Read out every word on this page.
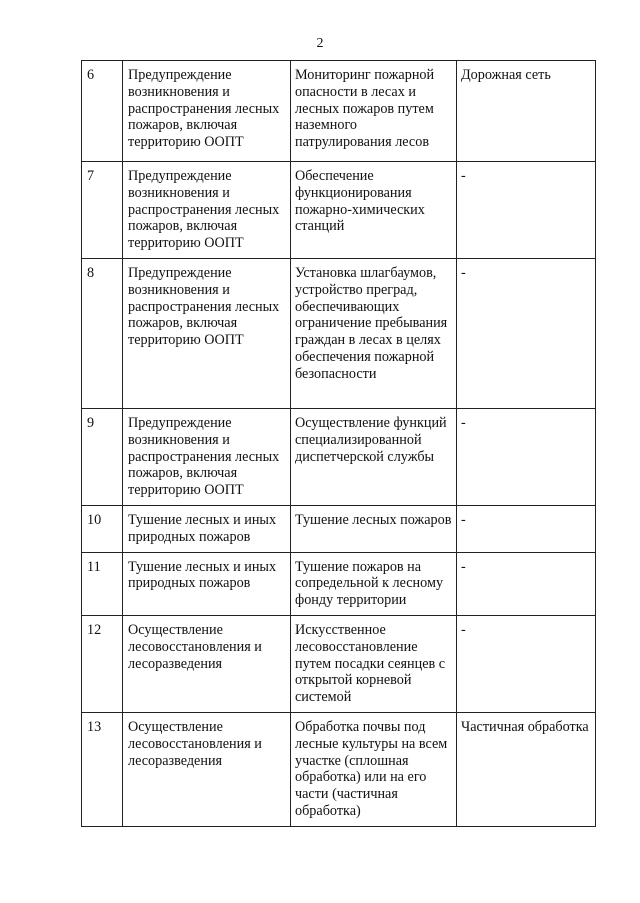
2
6	Предупреждение возникновения и распространения лесных пожаров, включая территорию ООПТ	Мониторинг пожарной опасности в лесах и лесных пожаров путем наземного патрулирования лесов	Дорожная сеть
7	Предупреждение возникновения и распространения лесных пожаров, включая территорию ООПТ	Обеспечение функционирования пожарно-химических станций	-
8	Предупреждение возникновения и распространения лесных пожаров, включая территорию ООПТ	Установка шлагбаумов, устройство преград, обеспечивающих ограничение пребывания граждан в лесах в целях обеспечения пожарной безопасности	-
9	Предупреждение возникновения и распространения лесных пожаров, включая территорию ООПТ	Осуществление функций специализированной диспетчерской службы	-
10	Тушение лесных и иных природных пожаров	Тушение лесных пожаров	-
11	Тушение лесных и иных природных пожаров	Тушение пожаров на сопредельной к лесному фонду территории	-
12	Осуществление лесовосстановления и лесоразведения	Искусственное лесовосстановление путем посадки сеянцев с открытой корневой системой	-
13	Осуществление лесовосстановления и лесоразведения	Обработка почвы под лесные культуры на всем участке (сплошная обработка) или на его части (частичная обработка)	Частичная обработка
